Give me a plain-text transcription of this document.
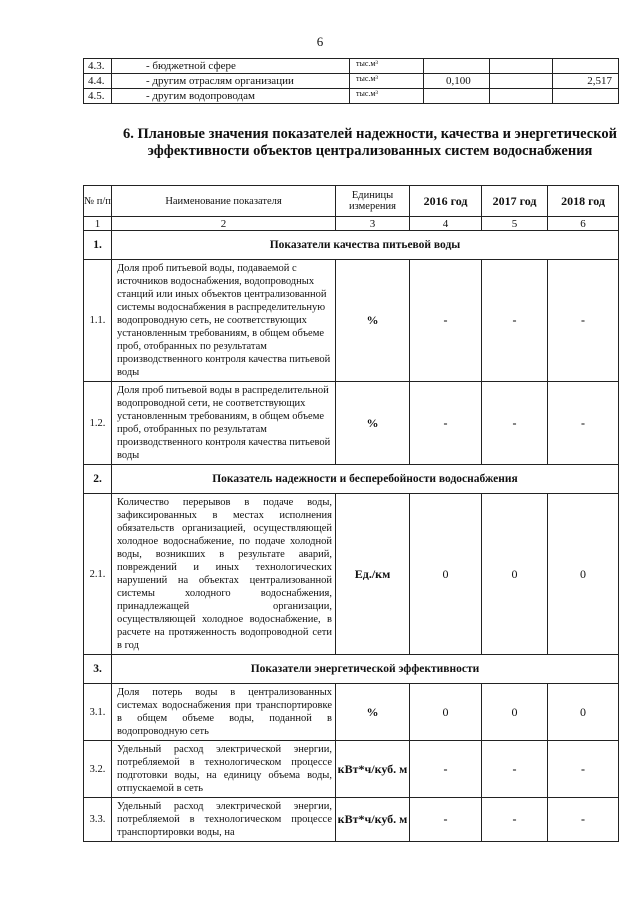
6
4.3.	- бюджетной сфере	тыс.м³			
4.4.	- другим отраслям организации	тыс.м³	0,100		2,517
4.5.	- другим водопроводам	тыс.м³			
6. Плановые значения показателей надежности, качества и энергетической эффективности объектов централизованных систем водоснабжения
№ п/п	Наименование показателя	Единицы измерения	2016 год	2017 год	2018 год
1	2	3	4	5	6
1.	Показатели качества питьевой воды				
1.1.	Доля проб питьевой воды, подаваемой с источников водоснабжения, водопроводных станций или иных объектов централизованной системы водоснабжения в распределительную водопроводную сеть, не соответствующих установленным требованиям, в общем объеме проб, отобранных по результатам производственного контроля качества питьевой воды	%	-	-	-
1.2.	Доля проб питьевой воды в распределительной водопроводной сети, не соответствующих установленным требованиям, в общем объеме проб, отобранных по результатам производственного контроля качества питьевой воды	%	-	-	-
2.	Показатель надежности и бесперебойности водоснабжения				
2.1.	Количество перерывов в подаче воды, зафиксированных в местах исполнения обязательств организацией, осуществляющей холодное водоснабжение, по подаче холодной воды, возникших в результате аварий, повреждений и иных технологических нарушений на объектах централизованной системы холодного водоснабжения, принадлежащей организации, осуществляющей холодное водоснабжение, в расчете на протяженность водопроводной сети в год	Ед./км	0	0	0
3.	Показатели энергетической эффективности				
3.1.	Доля потерь воды в централизованных системах водоснабжения при транспортировке в общем объеме воды, поданной в водопроводную сеть	%	0	0	0
3.2.	Удельный расход электрической энергии, потребляемой в технологическом процессе подготовки воды, на единицу объема воды, отпускаемой в сеть	кВт*ч/куб. м	-	-	-
3.3.	Удельный расход электрической энергии, потребляемой в технологическом процессе транспортировки воды, на	кВт*ч/куб. м	-	-	-
